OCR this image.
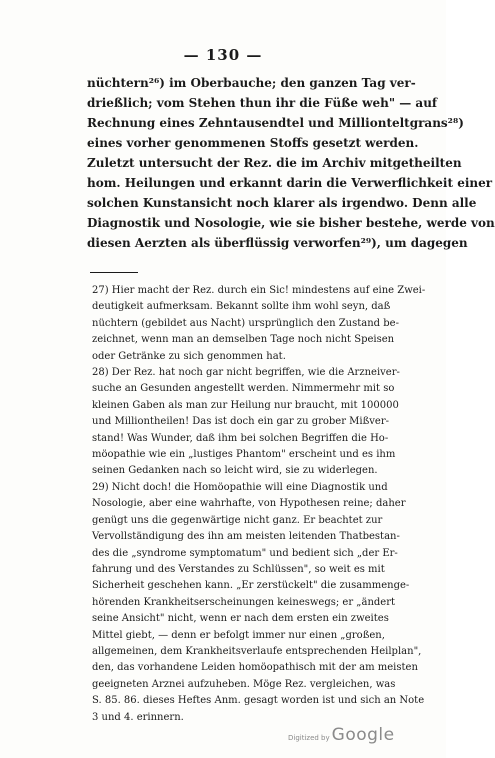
— 130 —
nüchtern²⁶) im Oberbauche; den ganzen Tag ver-
drießlich; vom Stehen thun ihr die Füße weh" — auf
Rechnung eines Zehntausendtel und Millionteltgrans²⁸)
eines vorher genommenen Stoffs gesetzt werden.
Zuletzt untersucht der Rez. die im Archiv mitgetheilten
hom. Heilungen und erkannt darin die Verwerflichkeit einer
solchen Kunstansicht noch klarer als irgendwo. Denn alle
Diagnostik und Nosologie, wie sie bisher bestehe, werde von
diesen Aerzten als überflüssig verworfen²⁹), um dagegen
27) Hier macht der Rez. durch ein Sic! mindestens auf eine Zwei-
deutigkeit aufmerksam. Bekannt sollte ihm wohl seyn, daß
nüchtern (gebildet aus Nacht) ursprünglich den Zustand be-
zeichnet, wenn man an demselben Tage noch nicht Speisen
oder Getränke zu sich genommen hat.
28) Der Rez. hat noch gar nicht begriffen, wie die Arzneiver-
suche an Gesunden angestellt werden. Nimmermehr mit so
kleinen Gaben als man zur Heilung nur braucht, mit 100000
und Milliontheilen! Das ist doch ein gar zu grober Mißver-
stand! Was Wunder, daß ihm bei solchen Begriffen die Ho-
möopathie wie ein „lustiges Phantom" erscheint und es ihm
seinen Gedanken nach so leicht wird, sie zu widerlegen.
29) Nicht doch! die Homöopathie will eine Diagnostik und
Nosologie, aber eine wahrhafte, von Hypothesen reine; daher
genügt uns die gegenwärtige nicht ganz. Er beachtet zur
Vervollständigung des ihn am meisten leitenden Thatbestan-
des die „syndrome symptomatum" und bedient sich „der Er-
fahrung und des Verstandes zu Schlüssen", so weit es mit
Sicherheit geschehen kann. „Er zerstückelt" die zusammenge-
hörenden Krankheitserscheinungen keineswegs; er „ändert
seine Ansicht" nicht, wenn er nach dem ersten ein zweites
Mittel giebt, — denn er befolgt immer nur einen „großen,
allgemeinen, dem Krankheitsverlaufe entsprechenden Heilplan",
den, das vorhandene Leiden homöopathisch mit der am meisten
geeigneten Arznei aufzuheben. Möge Rez. vergleichen, was
S. 85. 86. dieses Heftes Anm. gesagt worden ist und sich an Note
3 und 4. erinnern.
Digitized by Google
